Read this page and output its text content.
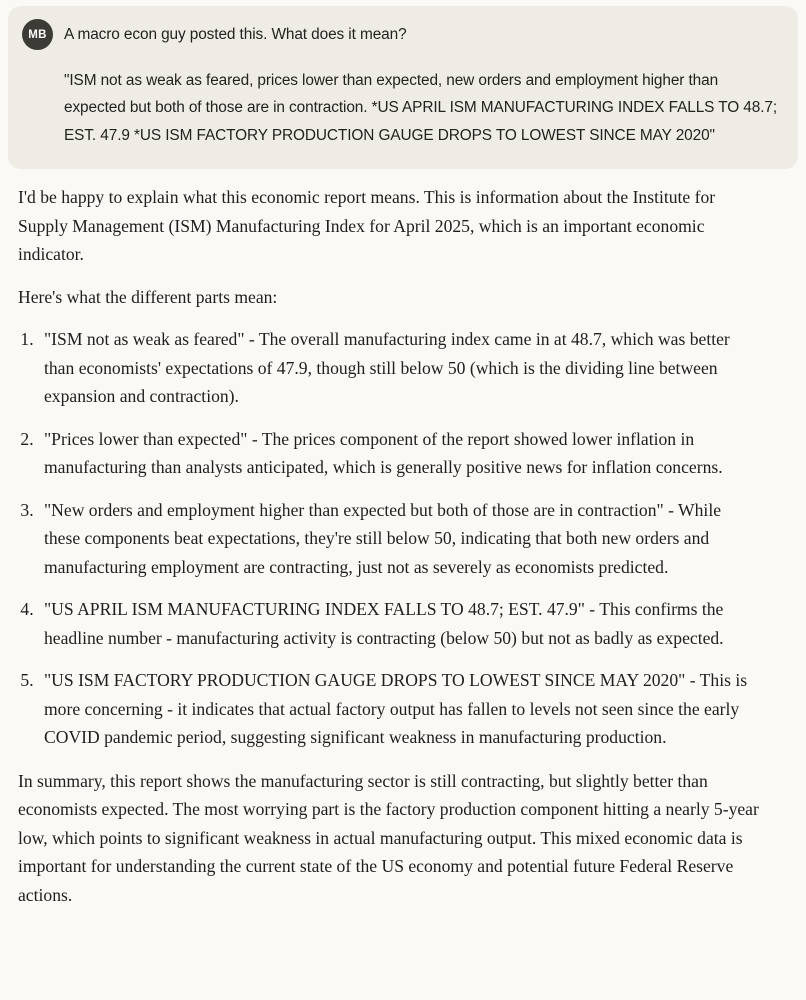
MB	A macro econ guy posted this. What does it mean?
"ISM not as weak as feared, prices lower than expected, new orders and employment higher than expected but both of those are in contraction. *US APRIL ISM MANUFACTURING INDEX FALLS TO 48.7; EST. 47.9 *US ISM FACTORY PRODUCTION GAUGE DROPS TO LOWEST SINCE MAY 2020"

I'd be happy to explain what this economic report means. This is information about the Institute for Supply Management (ISM) Manufacturing Index for April 2025, which is an important economic indicator.

Here's what the different parts mean:

1. "ISM not as weak as feared" - The overall manufacturing index came in at 48.7, which was better than economists' expectations of 47.9, though still below 50 (which is the dividing line between expansion and contraction).
2. "Prices lower than expected" - The prices component of the report showed lower inflation in manufacturing than analysts anticipated, which is generally positive news for inflation concerns.
3. "New orders and employment higher than expected but both of those are in contraction" - While these components beat expectations, they're still below 50, indicating that both new orders and manufacturing employment are contracting, just not as severely as economists predicted.
4. "US APRIL ISM MANUFACTURING INDEX FALLS TO 48.7; EST. 47.9" - This confirms the headline number - manufacturing activity is contracting (below 50) but not as badly as expected.
5. "US ISM FACTORY PRODUCTION GAUGE DROPS TO LOWEST SINCE MAY 2020" - This is more concerning - it indicates that actual factory output has fallen to levels not seen since the early COVID pandemic period, suggesting significant weakness in manufacturing production.

In summary, this report shows the manufacturing sector is still contracting, but slightly better than economists expected. The most worrying part is the factory production component hitting a nearly 5-year low, which points to significant weakness in actual manufacturing output. This mixed economic data is important for understanding the current state of the US economy and potential future Federal Reserve actions.
